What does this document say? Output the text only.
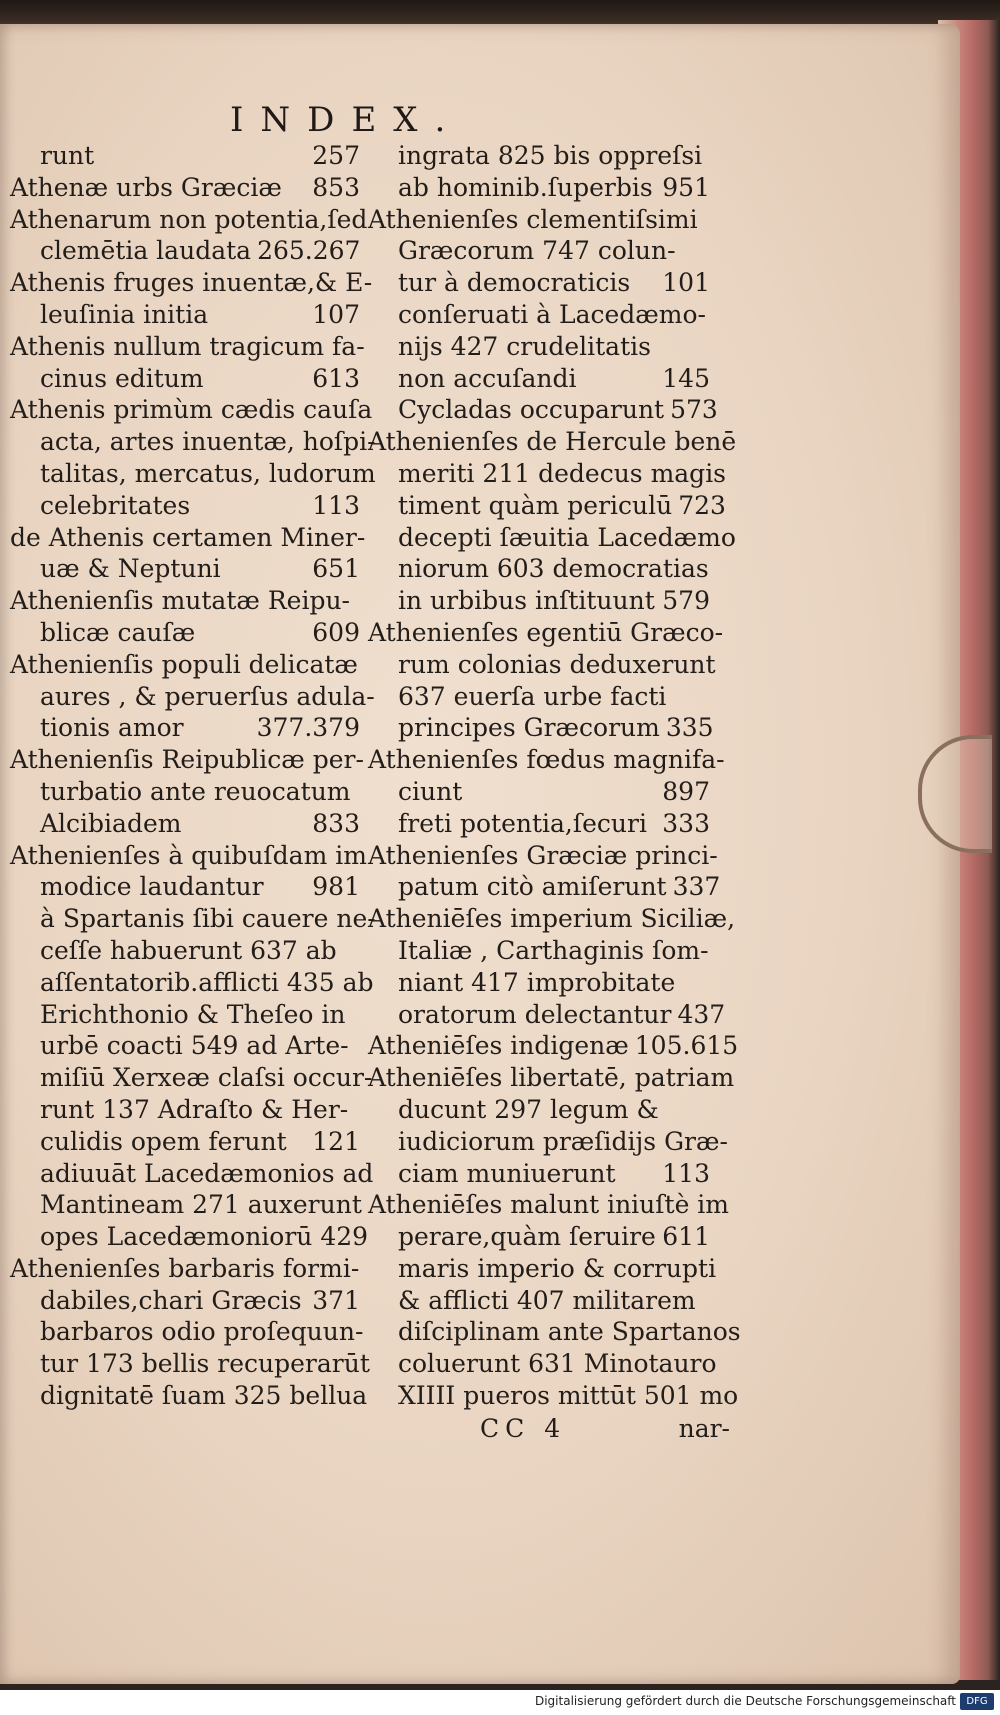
INDEX.
runt	257
Athenæ urbs Græciæ 853
Athenarum non potentia,ſed
clemētia laudata 265.267
Athenis fruges inuentæ,& E-
leuſinia initia	107
Athenis nullum tragicum fa-
cinus editum	613
Athenis primùm cædis cauſa
acta, artes inuentæ, hoſpi-
talitas, mercatus, ludorum
celebritates	113
de Athenis certamen Miner-
uæ & Neptuni	651
Athenienſis mutatæ Reipu-
blicæ cauſæ	609
Athenienſis populi delicatæ
aures , & peruerſus adula-
tionis amor	377.379
Athenienſis Reipublicæ per-
turbatio ante reuocatum
Alcibiadem	833
Athenienſes à quibuſdam im
modice laudantur 981
à Spartanis ſibi cauere ne-
ceſſe habuerunt 637 ab
aſſentatorib.afflicti 435 ab
Erichthonio & Theſeo in
urbē coacti 549 ad Arte-
miſiū Xerxeæ claſsi occur-
runt 137 Adraſto & Her-
culidis opem ferunt 121
adiuuāt Lacedæmonios ad
Mantineam 271 auxerunt
opes Lacedæmoniorū 429
Athenienſes barbaris formi-
dabiles,chari Græcis 371
barbaros odio proſequun-
tur 173 bellis recuperarūt
dignitatē ſuam 325 bellua
ingrata 825 bis oppreſsi
ab hominib.ſuperbis 951
Athenienſes clementiſsimi
Græcorum 747 colun-
tur à democraticis 101
conſeruati à Lacedæmo-
nijs 427 crudelitatis
non accuſandi	145
Cycladas occuparunt 573
Athenienſes de Hercule benē
meriti 211 dedecus magis
timent quàm periculū 723
decepti ſæuitia Lacedæmo
niorum 603 democratias
in urbibus inſtituunt 579
Athenienſes egentiū Græco-
rum colonias deduxerunt
637 euerſa urbe facti
principes Græcorum 335
Athenienſes fœdus magnifa-
ciunt	897
freti potentia,ſecuri 333
Athenienſes Græciæ princi-
patum citò amiſerunt 337
Atheniēſes imperium Siciliæ,
Italiæ , Carthaginis ſom-
niant 417 improbitate
oratorum delectantur 437
Atheniēſes indigenæ 105.615
Atheniēſes libertatē, patriam
ducunt 297 legum &
iudiciorum præſidijs Græ-
ciam muniuerunt 113
Atheniēſes malunt iniuſtè im
perare,quàm ſeruire 611
maris imperio & corrupti
& afflicti 407 militarem
diſciplinam ante Spartanos
coluerunt 631 Minotauro
XIIII pueros mittūt 501 mo
CC 4	nar-
Digitalisierung gefördert durch die Deutsche Forschungsgemeinschaft	DFG
